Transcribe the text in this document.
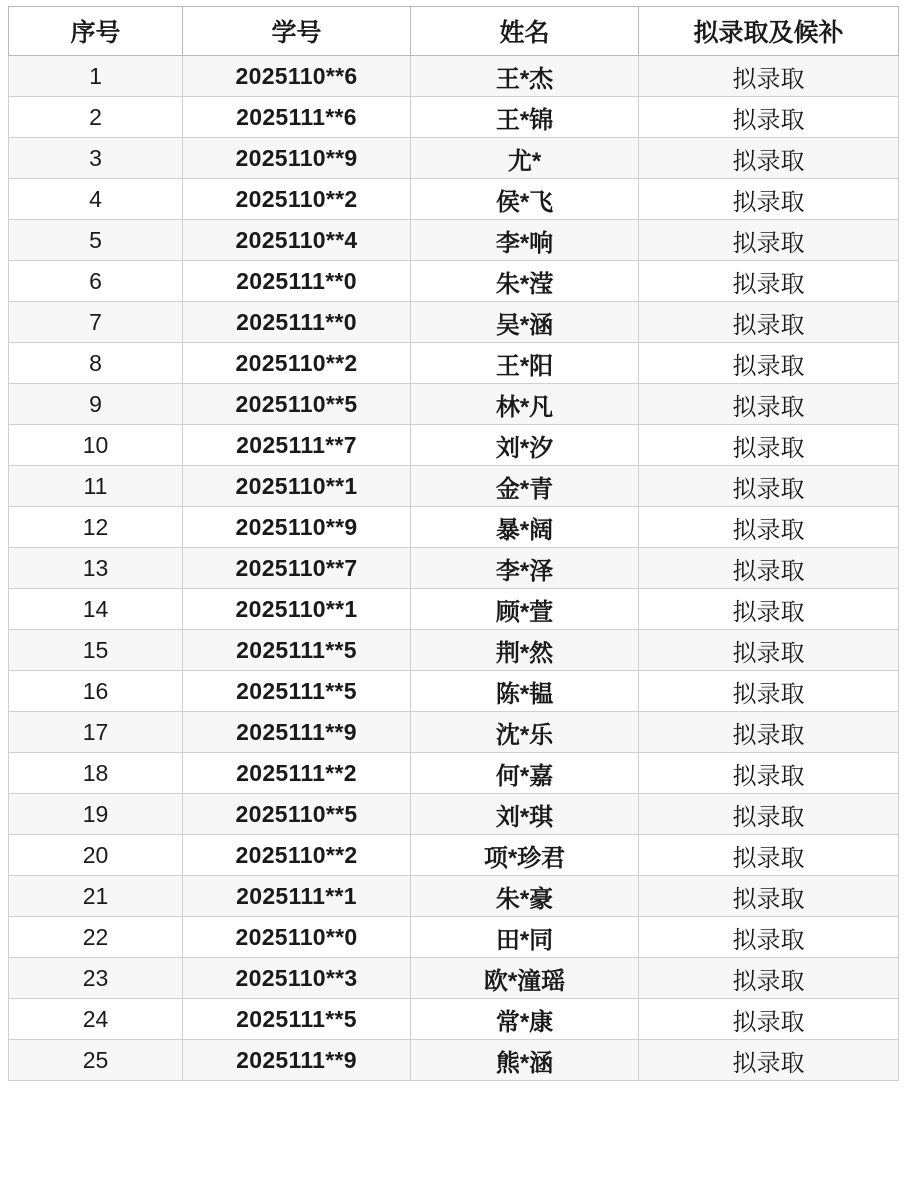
序号	学号	姓名	拟录取及候补
1	2025110**6	王*杰	拟录取
2	2025111**6	王*锦	拟录取
3	2025110**9	尤*	拟录取
4	2025110**2	侯*飞	拟录取
5	2025110**4	李*响	拟录取
6	2025111**0	朱*滢	拟录取
7	2025111**0	吴*涵	拟录取
8	2025110**2	王*阳	拟录取
9	2025110**5	林*凡	拟录取
10	2025111**7	刘*汐	拟录取
11	2025110**1	金*青	拟录取
12	2025110**9	暴*阔	拟录取
13	2025110**7	李*泽	拟录取
14	2025110**1	顾*萱	拟录取
15	2025111**5	荆*然	拟录取
16	2025111**5	陈*韫	拟录取
17	2025111**9	沈*乐	拟录取
18	2025111**2	何*嘉	拟录取
19	2025110**5	刘*琪	拟录取
20	2025110**2	项*珍君	拟录取
21	2025111**1	朱*豪	拟录取
22	2025110**0	田*同	拟录取
23	2025110**3	欧*潼瑶	拟录取
24	2025111**5	常*康	拟录取
25	2025111**9	熊*涵	拟录取
